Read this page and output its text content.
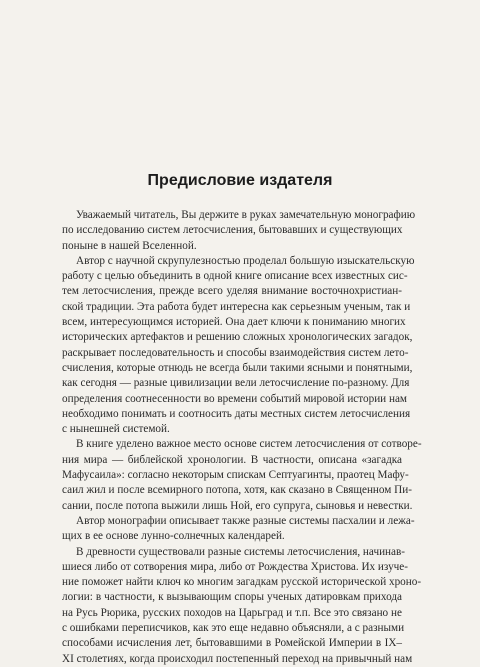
Предисловие издателя
Уважаемый читатель, Вы держите в руках замечательную монографию
по исследованию систем летосчисления, бытовавших и существующих
поныне в нашей Вселенной.
Автор с научной скрупулезностью проделал большую изыскательскую
работу с целью объединить в одной книге описание всех известных сис-
тем летосчисления, прежде всего уделяя внимание восточнохристиан-
ской традиции. Эта работа будет интересна как серьезным ученым, так и
всем, интересующимся историей. Она дает ключи к пониманию многих
исторических артефактов и решению сложных хронологических загадок,
раскрывает последовательность и способы взаимодействия систем лето-
счисления, которые отнюдь не всегда были такими ясными и понятными,
как сегодня — разные цивилизации вели летосчисление по-разному. Для
определения соотнесенности во времени событий мировой истории нам
необходимо понимать и соотносить даты местных систем летосчисления
с нынешней системой.
В книге уделено важное место основе систем летосчисления от сотворе-
ния мира — библейской хронологии. В частности, описана «загадка
Мафусаила»: согласно некоторым спискам Септуагинты, праотец Мафу-
саил жил и после всемирного потопа, хотя, как сказано в Священном Пи-
сании, после потопа выжили лишь Ной, его супруга, сыновья и невестки.
Автор монографии описывает также разные системы пасхалии и лежа-
щих в ее основе лунно-солнечных календарей.
В древности существовали разные системы летосчисления, начинав-
шиеся либо от сотворения мира, либо от Рождества Христова. Их изуче-
ние поможет найти ключ ко многим загадкам русской исторической хроно-
логии: в частности, к вызывающим споры ученых датировкам прихода
на Русь Рюрика, русских походов на Царьград и т.п. Все это связано не
с ошибками переписчиков, как это еще недавно объясняли, а с разными
способами исчисления лет, бытовавшими в Ромейской Империи в IX–
XI столетиях, когда происходил постепенный переход на привычный нам
